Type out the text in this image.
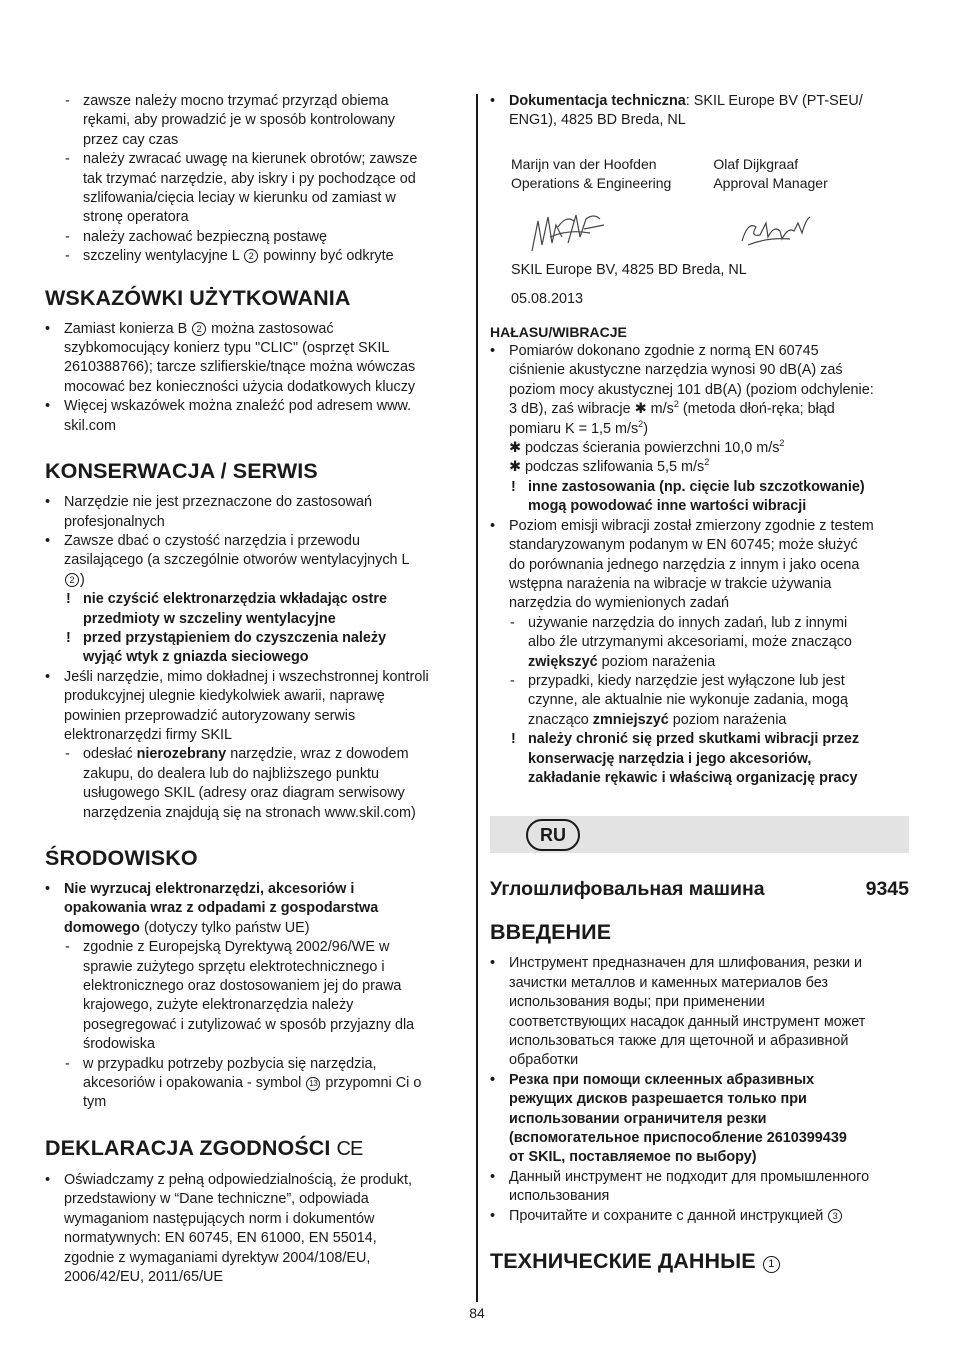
- zawsze należy mocno trzymać przyrząd obiema
rękami, aby prowadzić je w sposób kontrolowany
przez cay czas
- należy zwracać uwagę na kierunek obrotów; zawsze
tak trzymać narzędzie, aby iskry i py pochodzące od
szlifowania/cięcia leciay w kierunku od zamiast w
stronę operatora
- należy zachować bezpieczną postawę
- szczeliny wentylacyjne L 2 powinny być odkryte
WSKAZÓWKI UŻYTKOWANIA
• Zamiast konierza B 2 można zastosować
szybkomocujący konierz typu "CLIC" (osprzęt SKIL
2610388766); tarcze szlifierskie/tnące można wówczas
mocować bez konieczności użycia dodatkowych kluczy
• Więcej wskazówek można znaleźć pod adresem www.
skil.com
KONSERWACJA / SERWIS
• Narzędzie nie jest przeznaczone do zastosowań
profesjonalnych
• Zawsze dbać o czystość narzędzia i przewodu
zasilającego (a szczególnie otworów wentylacyjnych L
2 )
! nie czyścić elektronarzędzia wkładając ostre
przedmioty w szczeliny wentylacyjne
! przed przystąpieniem do czyszczenia należy
wyjąć wtyk z gniazda sieciowego
• Jeśli narzędzie, mimo dokładnej i wszechstronnej kontroli
produkcyjnej ulegnie kiedykolwiek awarii, naprawę
powinien przeprowadzić autoryzowany serwis
elektronarzędzi firmy SKIL
- odesłać nierozebrany narzędzie, wraz z dowodem
zakupu, do dealera lub do najbliższego punktu
usługowego SKIL (adresy oraz diagram serwisowy
narzędzenia znajdują się na stronach www.skil.com)
ŚRODOWISKO
• Nie wyrzucaj elektronarzędzi, akcesoriów i
opakowania wraz z odpadami z gospodarstwa
domowego (dotyczy tylko państw UE)
- zgodnie z Europejską Dyrektywą 2002/96/WE w
sprawie zużytego sprzętu elektrotechnicznego i
elektronicznego oraz dostosowaniem jej do prawa
krajowego, zużyte elektronarzędzia należy
posegregować i zutylizować w sposób przyjazny dla
środowiska
- w przypadku potrzeby pozbycia się narzędzia,
akcesoriów i opakowania - symbol 13 przypomni Ci o
tym
DEKLARACJA ZGODNOŚCI CE
• Oświadczamy z pełną odpowiedzialnością, że produkt,
przedstawiony w “Dane techniczne”, odpowiada
wymaganiom następujących norm i dokumentów
normatywnych: EN 60745, EN 61000, EN 55014,
zgodnie z wymaganiami dyrektyw 2004/108/EU,
2006/42/EU, 2011/65/UE
• Dokumentacja techniczna: SKIL Europe BV (PT-SEU/
ENG1), 4825 BD Breda, NL
Marijn van der Hoofden
Operations & Engineering
Olaf Dijkgraaf
Approval Manager
SKIL Europe BV, 4825 BD Breda, NL
05.08.2013
HAŁASU/WIBRACJE
• Pomiarów dokonano zgodnie z normą EN 60745
ciśnienie akustyczne narzędzia wynosi 90 dB(A) zaś
poziom mocy akustycznej 101 dB(A) (poziom odchylenie:
3 dB), zaś wibracje ✱ $m/s^2$ (metoda dłoń-ręka; błąd
pomiaru K = 1,5 $m/s^2$)
✱ podczas ścierania powierzchni 10,0 $m/s^2$
✱ podczas szlifowania 5,5 $m/s^2$
! inne zastosowania (np. cięcie lub szczotkowanie)
mogą powodować inne wartości wibracji
• Poziom emisji wibracji został zmierzony zgodnie z testem
standaryzowanym podanym w EN 60745; może służyć
do porównania jednego narzędzia z innym i jako ocena
wstępna narażenia na wibracje w trakcie używania
narzędzia do wymienionych zadań
- używanie narzędzia do innych zadań, lub z innymi
albo źle utrzymanymi akcesoriami, może znaczącо
zwiększyć poziom narażenia
- przypadki, kiedy narzędzie jest wyłączone lub jest
czynne, ale aktualnie nie wykonuje zadania, mogą
znacząco zmniejszyć poziom narażenia
! należy chronić się przed skutkami wibracji przez
konserwację narzędzia i jego akcesoriów,
zakładanie rękawic i właściwą organizację pracy
RU
Углошлифовальная машина	9345
ВВЕДЕНИЕ
• Инструмент предназначен для шлифования, резки и
зачистки металлов и каменных материалов без
использования воды; при применении
соответствующих насадок данный инструмент может
использоваться также для щеточной и абразивной
обработки
• Резка при помощи склеенных абразивных
режущих дисков разрешается только при
использовании ограничителя резки
(вспомогательное приспособление 2610399439
от SKIL, поставляемое по выбору)
• Данный инструмент не подходит для промышленного
использования
• Прочитайте и сохраните с данной инструкцией 3
ТЕХНИЧЕСКИЕ ДАННЫЕ 1
84
